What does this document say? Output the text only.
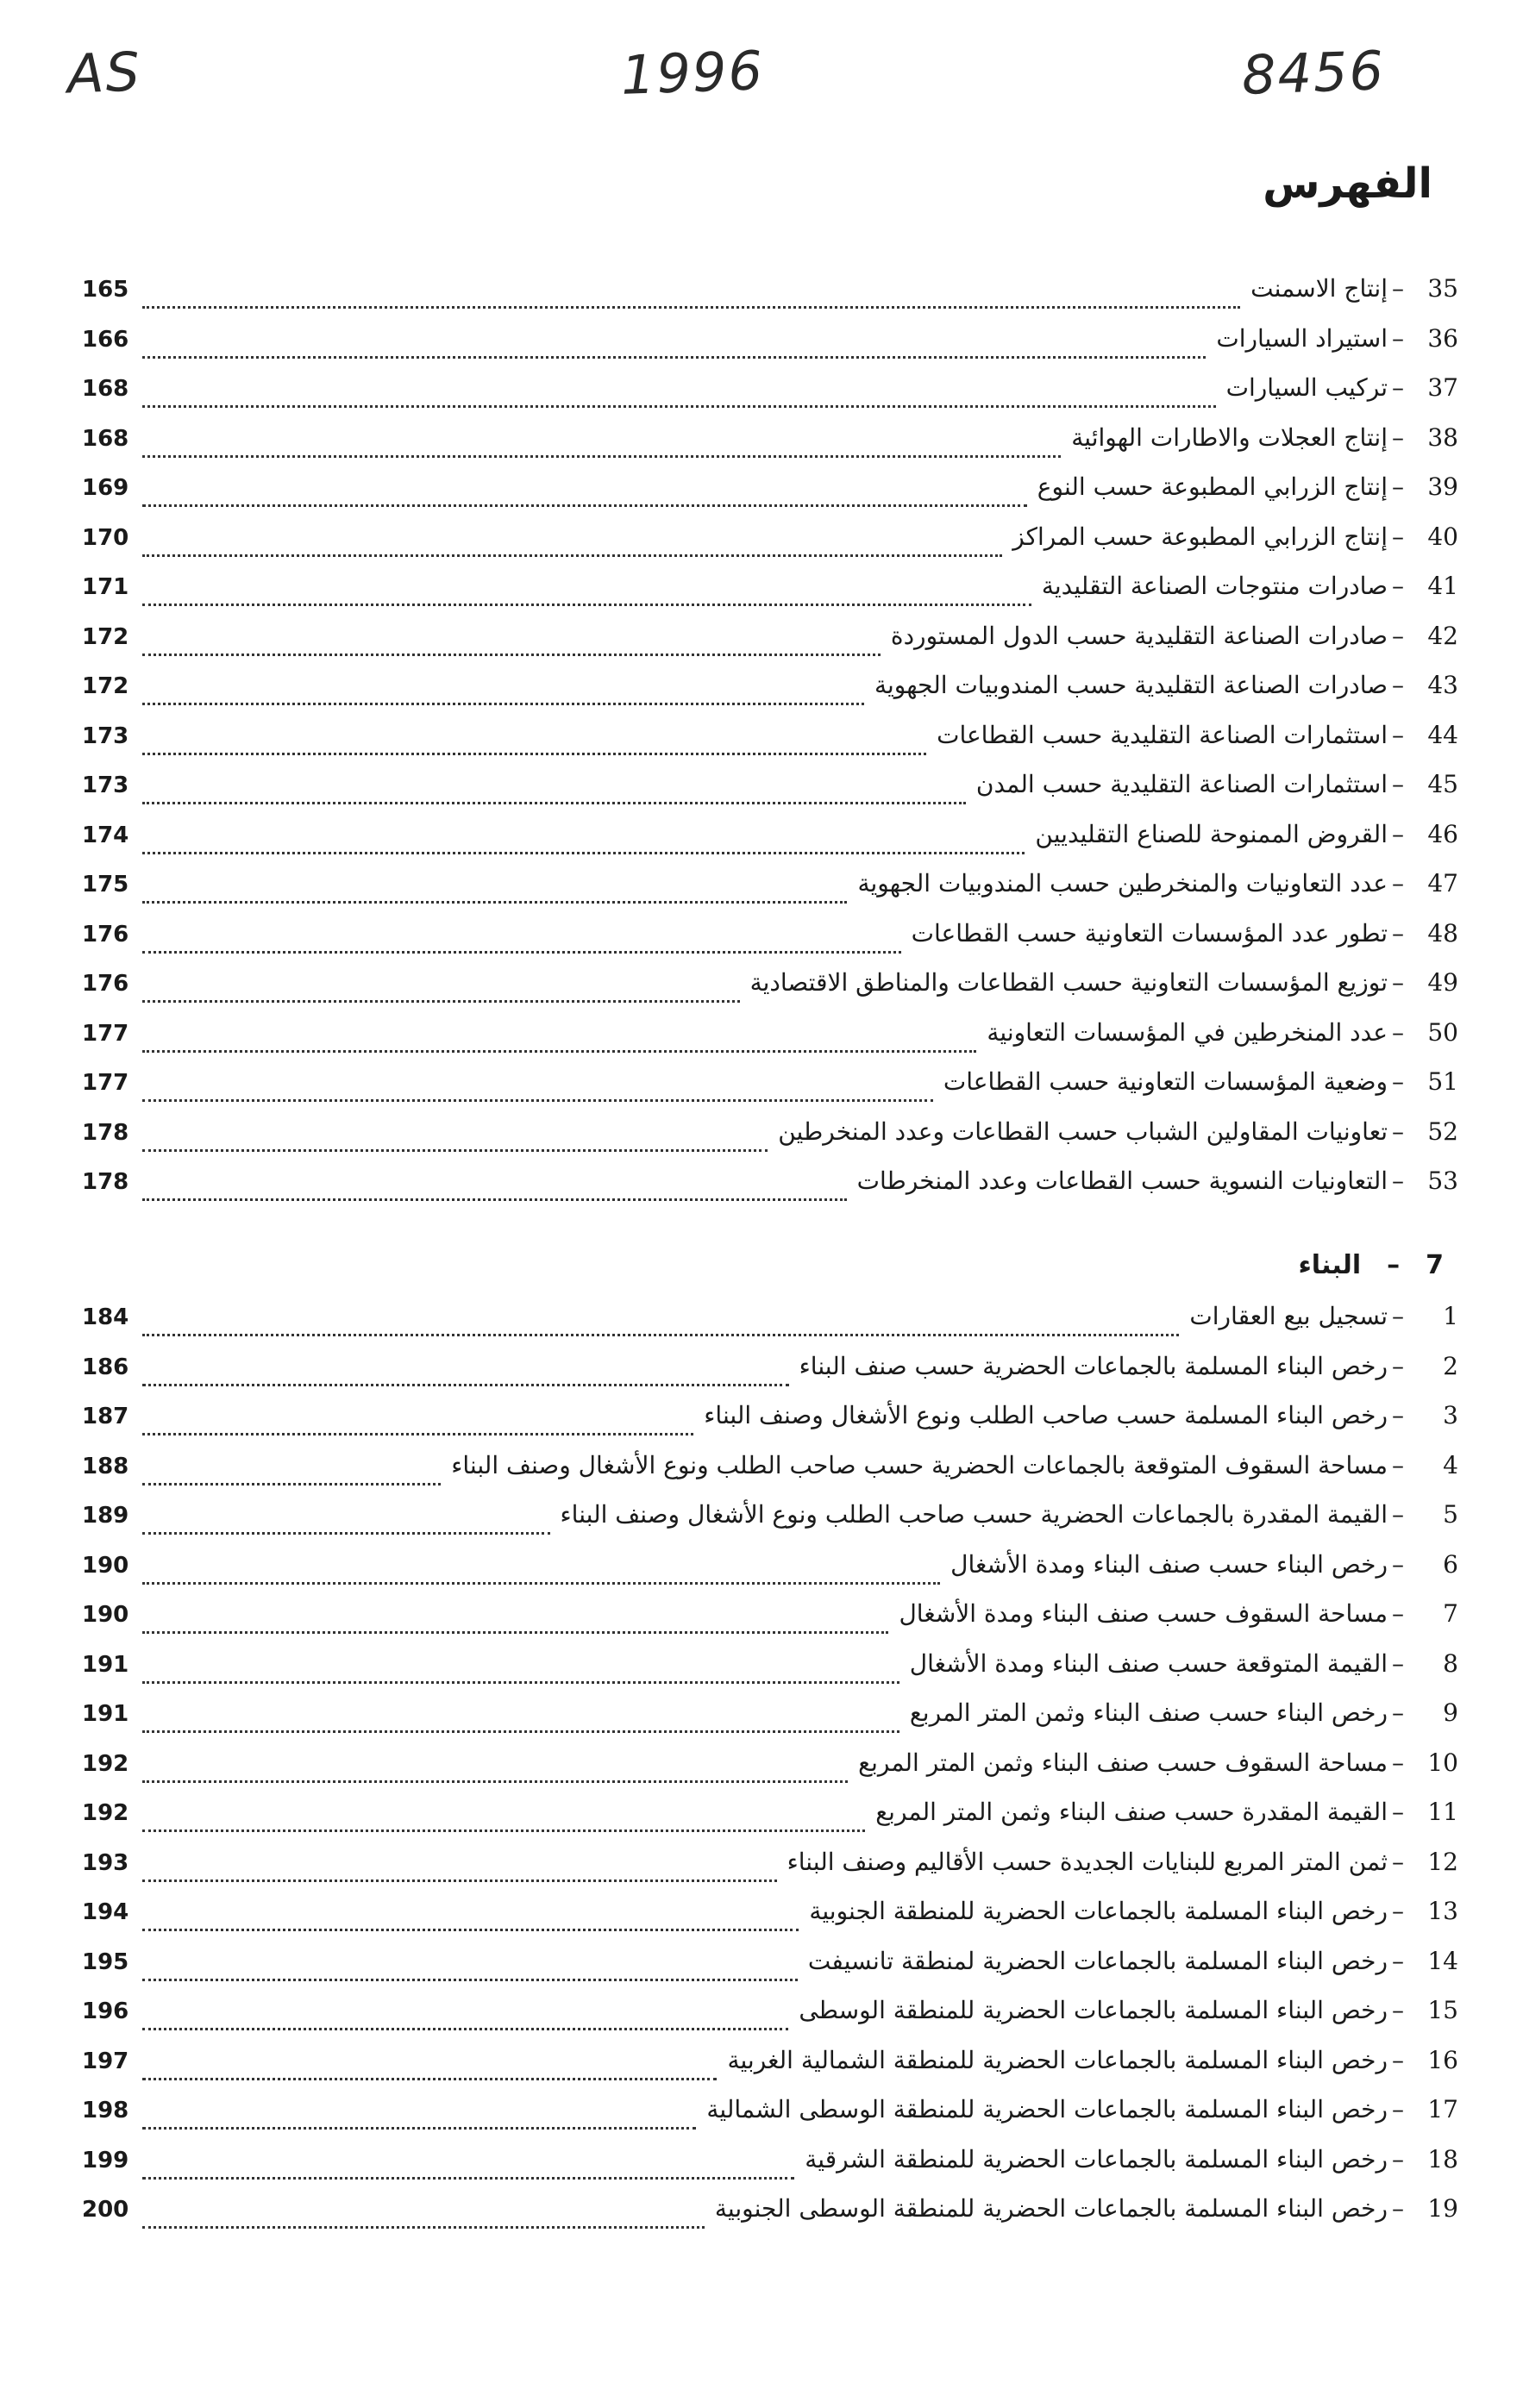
AS	1996	8456
الفهرس
35
–
إنتاج الاسمنت
165
36
–
استيراد السيارات
166
37
–
تركيب السيارات
168
38
–
إنتاج العجلات والاطارات الهوائية
168
39
–
إنتاج الزرابي المطبوعة حسب النوع
169
40
–
إنتاج الزرابي المطبوعة حسب المراكز
170
41
–
صادرات منتوجات الصناعة التقليدية
171
42
–
صادرات الصناعة التقليدية حسب الدول المستوردة
172
43
–
صادرات الصناعة التقليدية حسب المندوبيات الجهوية
172
44
–
استثمارات الصناعة التقليدية حسب القطاعات
173
45
–
استثمارات الصناعة التقليدية حسب المدن
173
46
–
القروض الممنوحة للصناع التقليديين
174
47
–
عدد التعاونيات والمنخرطين حسب المندوبيات الجهوية
175
48
–
تطور عدد المؤسسات التعاونية حسب القطاعات
176
49
–
توزيع المؤسسات التعاونية حسب القطاعات والمناطق الاقتصادية
176
50
–
عدد المنخرطين في المؤسسات التعاونية
177
51
–
وضعية المؤسسات التعاونية حسب القطاعات
177
52
–
تعاونيات المقاولين الشباب حسب القطاعات وعدد المنخرطين
178
53
–
التعاونيات النسوية حسب القطاعات وعدد المنخرطات
178
7
–
البناء
1
–
تسجيل بيع العقارات
184
2
–
رخص البناء المسلمة بالجماعات الحضرية حسب صنف البناء
186
3
–
رخص البناء المسلمة حسب صاحب الطلب ونوع الأشغال وصنف البناء
187
4
–
مساحة السقوف المتوقعة بالجماعات الحضرية حسب صاحب الطلب ونوع الأشغال وصنف البناء
188
5
–
القيمة المقدرة بالجماعات الحضرية حسب صاحب الطلب ونوع الأشغال وصنف البناء
189
6
–
رخص البناء حسب صنف البناء ومدة الأشغال
190
7
–
مساحة السقوف حسب صنف البناء ومدة الأشغال
190
8
–
القيمة المتوقعة حسب صنف البناء ومدة الأشغال
191
9
–
رخص البناء حسب صنف البناء وثمن المتر المربع
191
10
–
مساحة السقوف حسب صنف البناء وثمن المتر المربع
192
11
–
القيمة المقدرة حسب صنف البناء وثمن المتر المربع
192
12
–
ثمن المتر المربع للبنايات الجديدة حسب الأقاليم وصنف البناء
193
13
–
رخص البناء المسلمة بالجماعات الحضرية للمنطقة الجنوبية
194
14
–
رخص البناء المسلمة بالجماعات الحضرية لمنطقة تانسيفت
195
15
–
رخص البناء المسلمة بالجماعات الحضرية للمنطقة الوسطى
196
16
–
رخص البناء المسلمة بالجماعات الحضرية للمنطقة الشمالية الغربية
197
17
–
رخص البناء المسلمة بالجماعات الحضرية للمنطقة الوسطى الشمالية
198
18
–
رخص البناء المسلمة بالجماعات الحضرية للمنطقة الشرقية
199
19
–
رخص البناء المسلمة بالجماعات الحضرية للمنطقة الوسطى الجنوبية
200
